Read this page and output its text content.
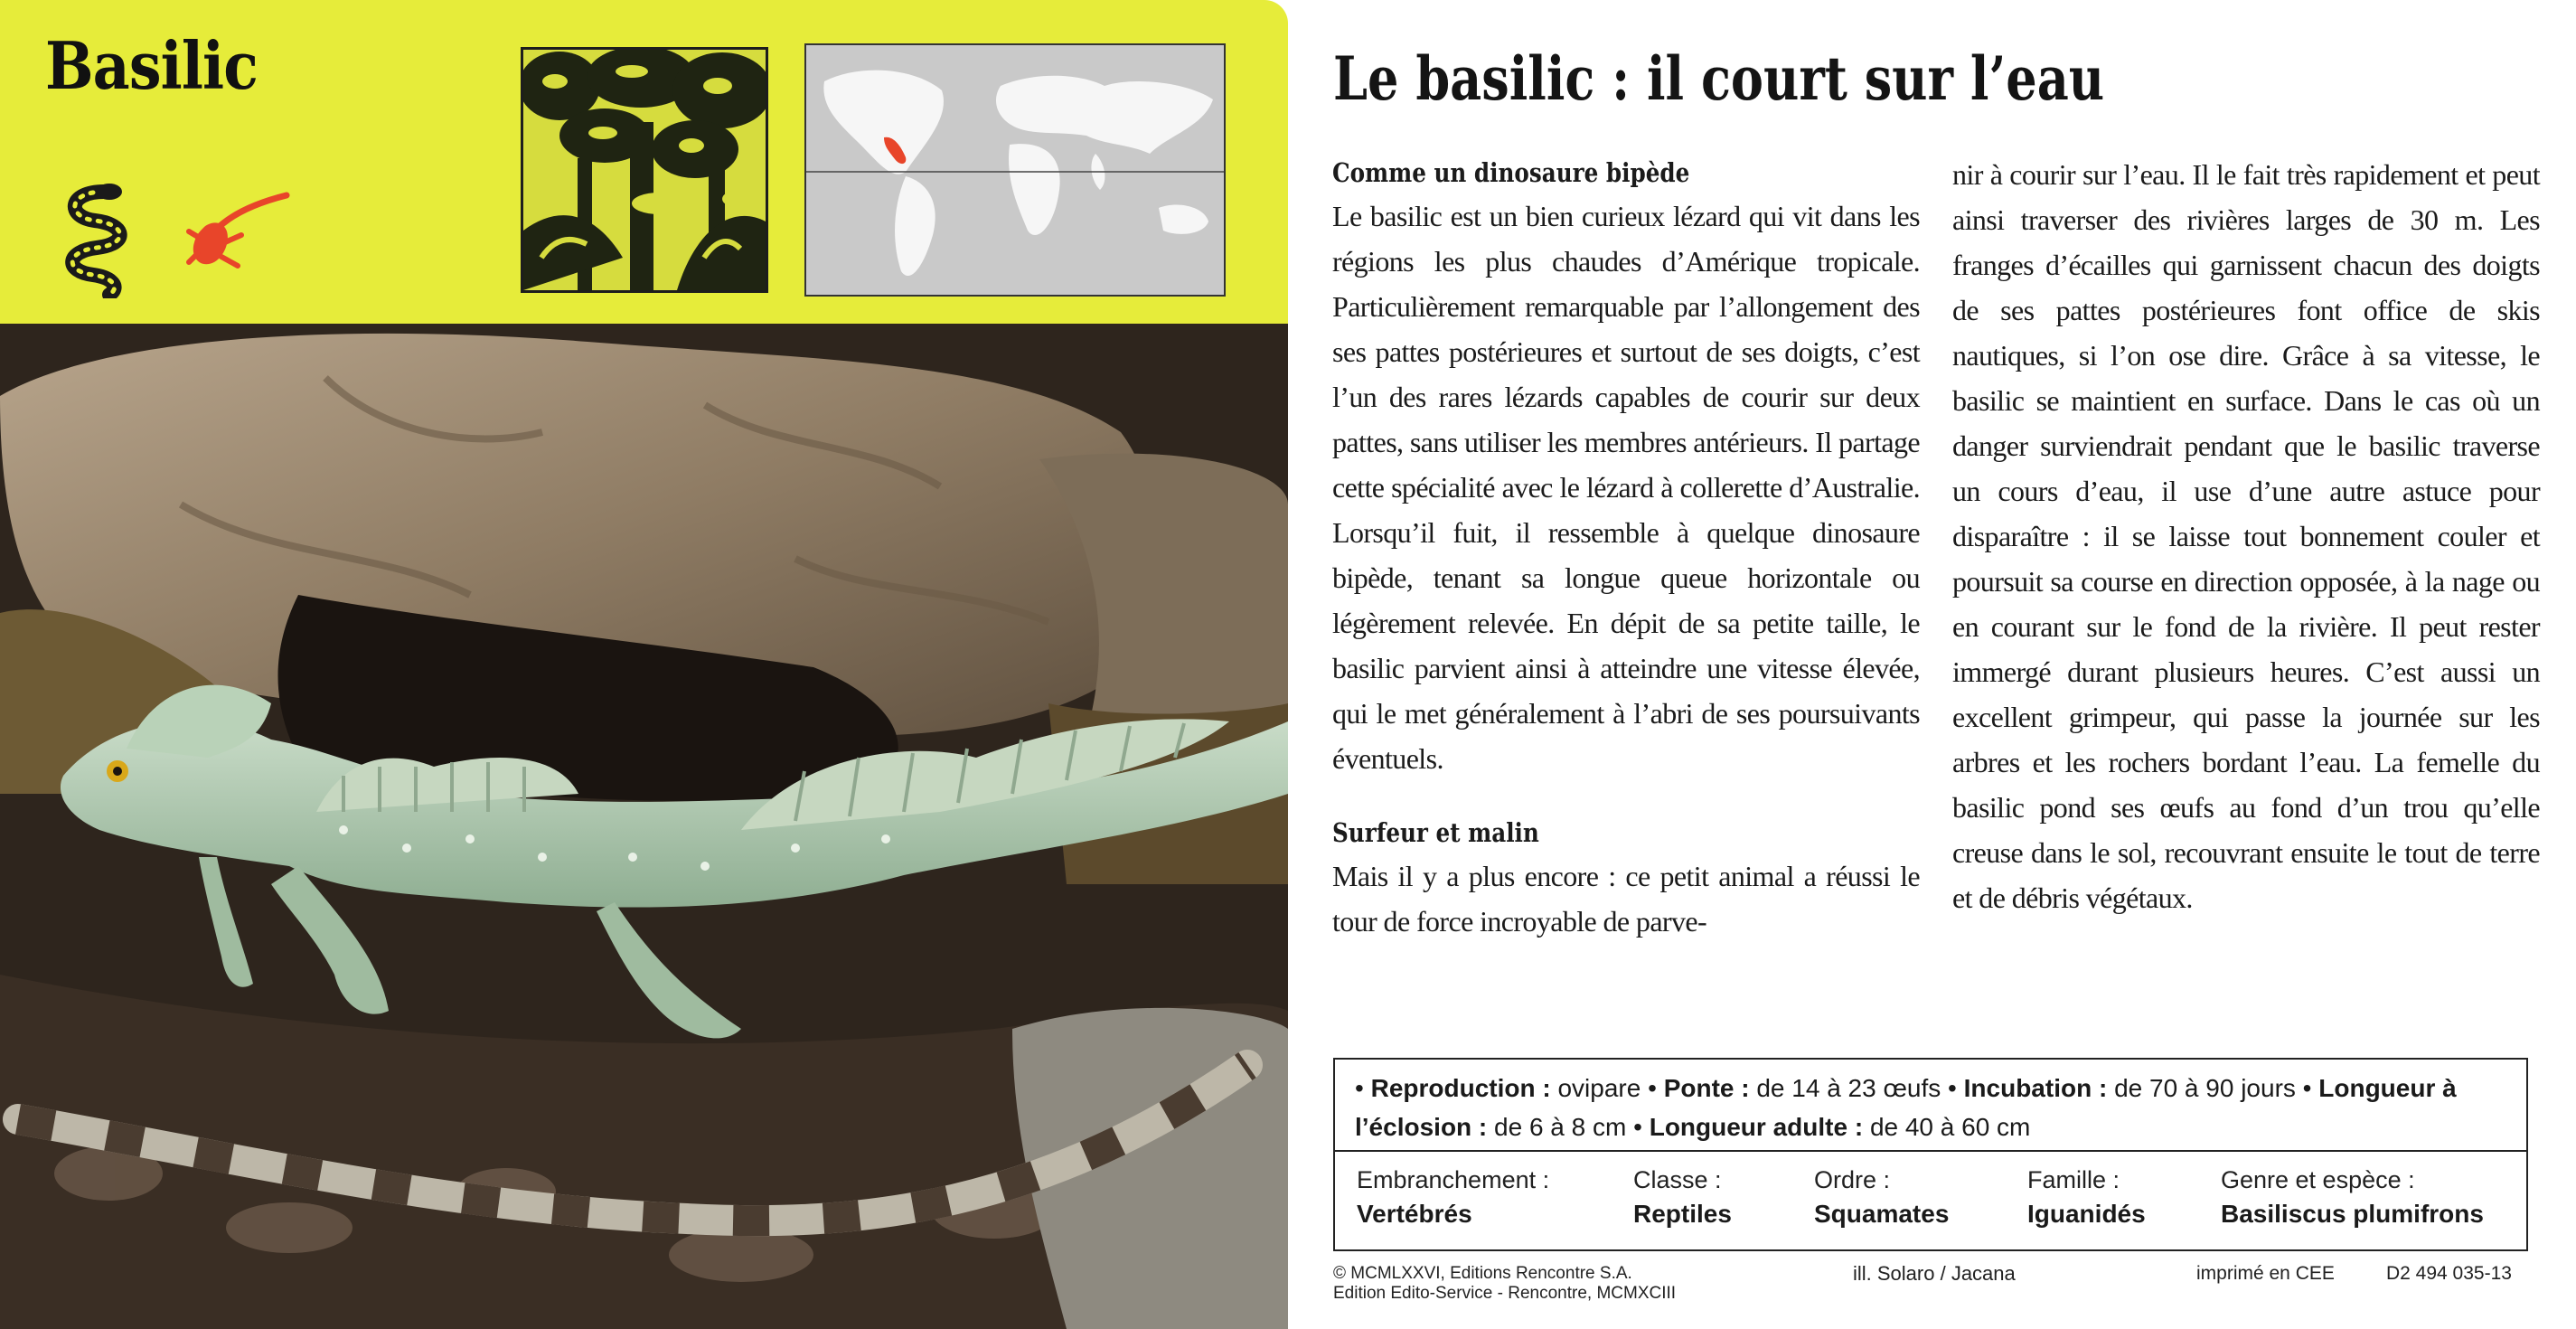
Basilic	Le basilic : il court sur l’eau
Comme un dinosaure bipède

Le basilic est un bien curieux lézard qui vit dans les régions les plus chaudes d’Amérique tropicale. Particulièrement remarquable par l’allongement des ses pattes postérieures et surtout de ses doigts, c’est l’un des rares lézards capables de courir sur deux pattes, sans utiliser les membres antérieurs. Il partage cette spécialité avec le lézard à collerette d’Australie. Lorsqu’il fuit, il ressemble à quelque dinosaure bipède, tenant sa longue queue horizontale ou légèrement relevée. En dépit de sa petite taille, le basilic parvient ainsi à atteindre une vitesse élevée, qui le met généralement à l’abri de ses poursuivants éventuels.

Surfeur et malin

Mais il y a plus encore : ce petit animal a réussi le tour de force incroyable de parve-

nir à courir sur l’eau. Il le fait très rapidement et peut ainsi traverser des rivières larges de 30 m. Les franges d’écailles qui garnissent chacun des doigts de ses pattes postérieures font office de skis nautiques, si l’on ose dire. Grâce à sa vitesse, le basilic se maintient en surface. Dans le cas où un danger surviendrait pendant que le basilic traverse un cours d’eau, il use d’une autre astuce pour disparaître : il se laisse tout bonnement couler et poursuit sa course en direction opposée, à la nage ou en courant sur le fond de la rivière. Il peut rester immergé durant plusieurs heures. C’est aussi un excellent grimpeur, qui passe la journée sur les arbres et les rochers bordant l’eau. La femelle du basilic pond ses œufs au fond d’un trou qu’elle creuse dans le sol, recouvrant ensuite le tout de terre et de débris végétaux.

• Reproduction : ovipare • Ponte : de 14 à 23 œufs • Incubation : de 70 à 90 jours • Longueur à l’éclosion : de 6 à 8 cm • Longueur adulte : de 40 à 60 cm
Embranchement :
Vertébrés
Classe :
Reptiles
Ordre :
Squamates
Famille :
Iguanidés
Genre et espèce :
Basiliscus plumifrons
© MCMLXXVI, Editions Rencontre S.A.
Edition Edito-Service - Rencontre, MCMXCIII
ill. Solaro / Jacana	imprimé en CEE	D2 494 035-13
